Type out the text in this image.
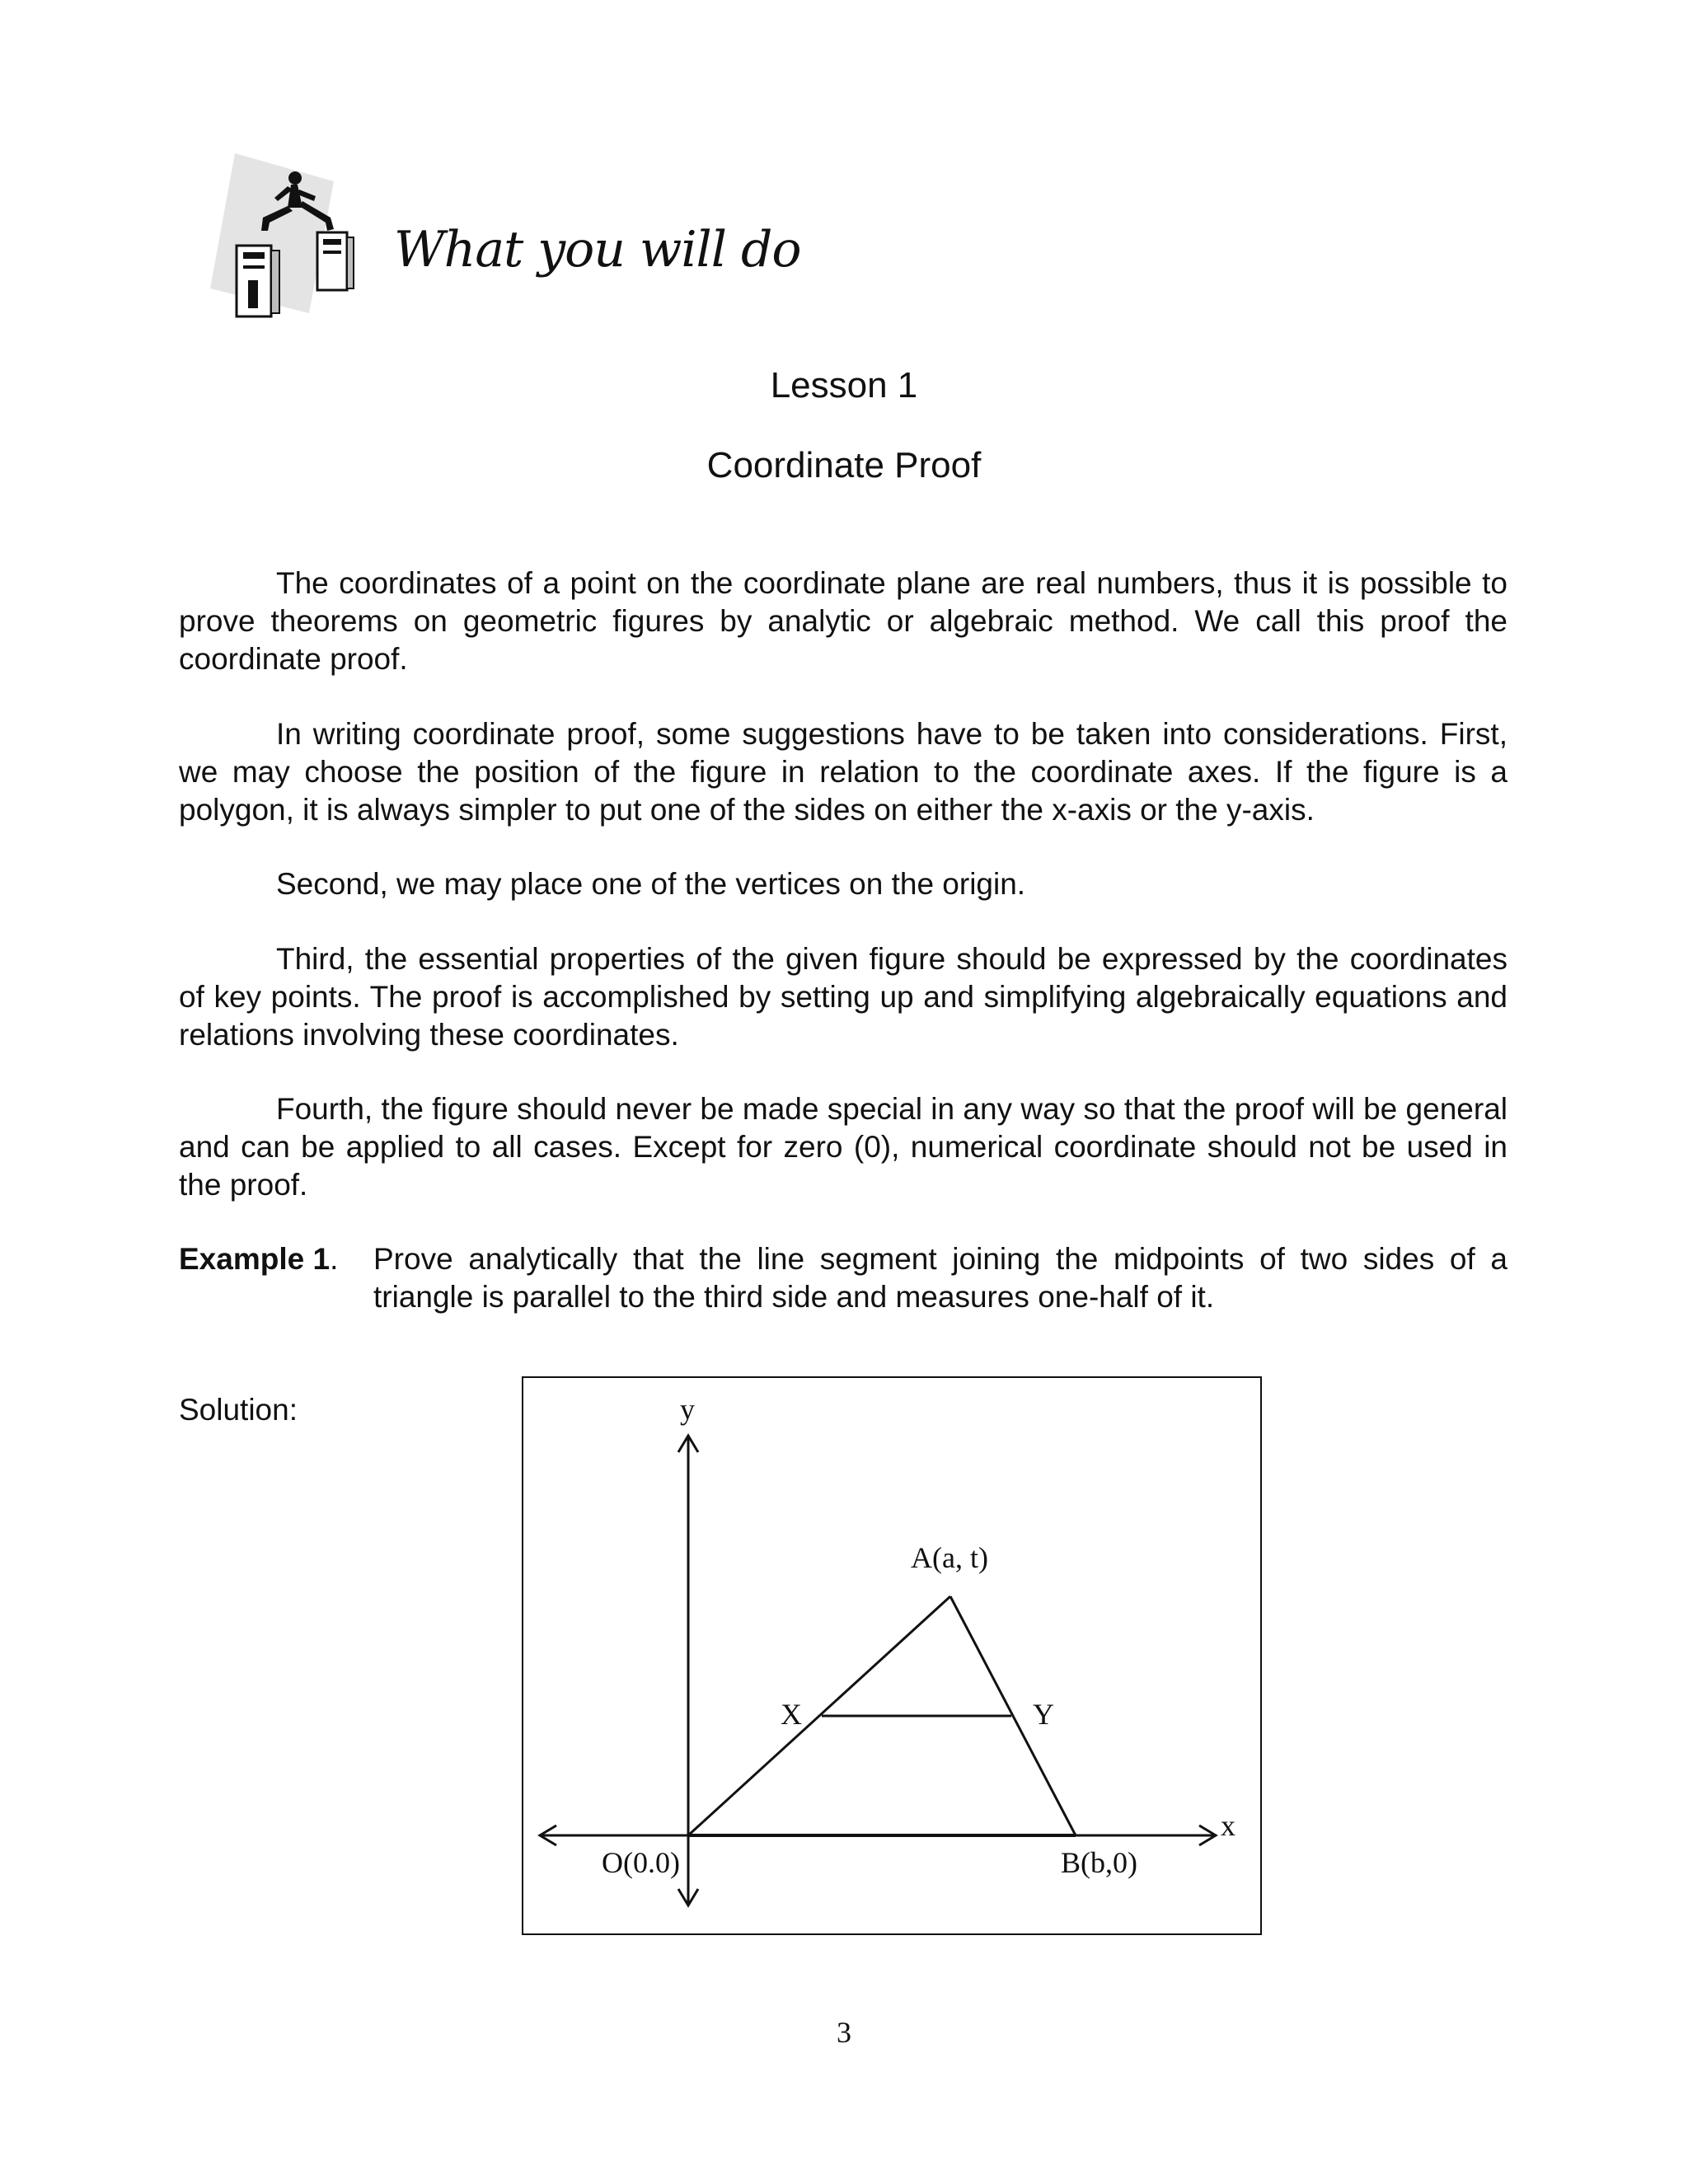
What you will do
Lesson 1
Coordinate Proof

The coordinates of a point on the coordinate plane are real numbers, thus it is possible to prove theorems on geometric figures by analytic or algebraic method. We call this proof the coordinate proof.

In writing coordinate proof, some suggestions have to be taken into considerations. First, we may choose the position of the figure in relation to the coordinate axes. If the figure is a polygon, it is always simpler to put one of the sides on either the x-axis or the y-axis.

Second, we may place one of the vertices on the origin.

Third, the essential properties of the given figure should be expressed by the coordinates of key points. The proof is accomplished by setting up and simplifying algebraically equations and relations involving these coordinates.

Fourth, the figure should never be made special in any way so that the proof will be general and can be applied to all cases. Except for zero (0), numerical coordinate should not be used in the proof.

Example 1. Prove analytically that the line segment joining the midpoints of two sides of a triangle is parallel to the third side and measures one-half of it.
Solution:	y
x
A(a, t)
X	Y
O(0.0)	B(b,0)
3
